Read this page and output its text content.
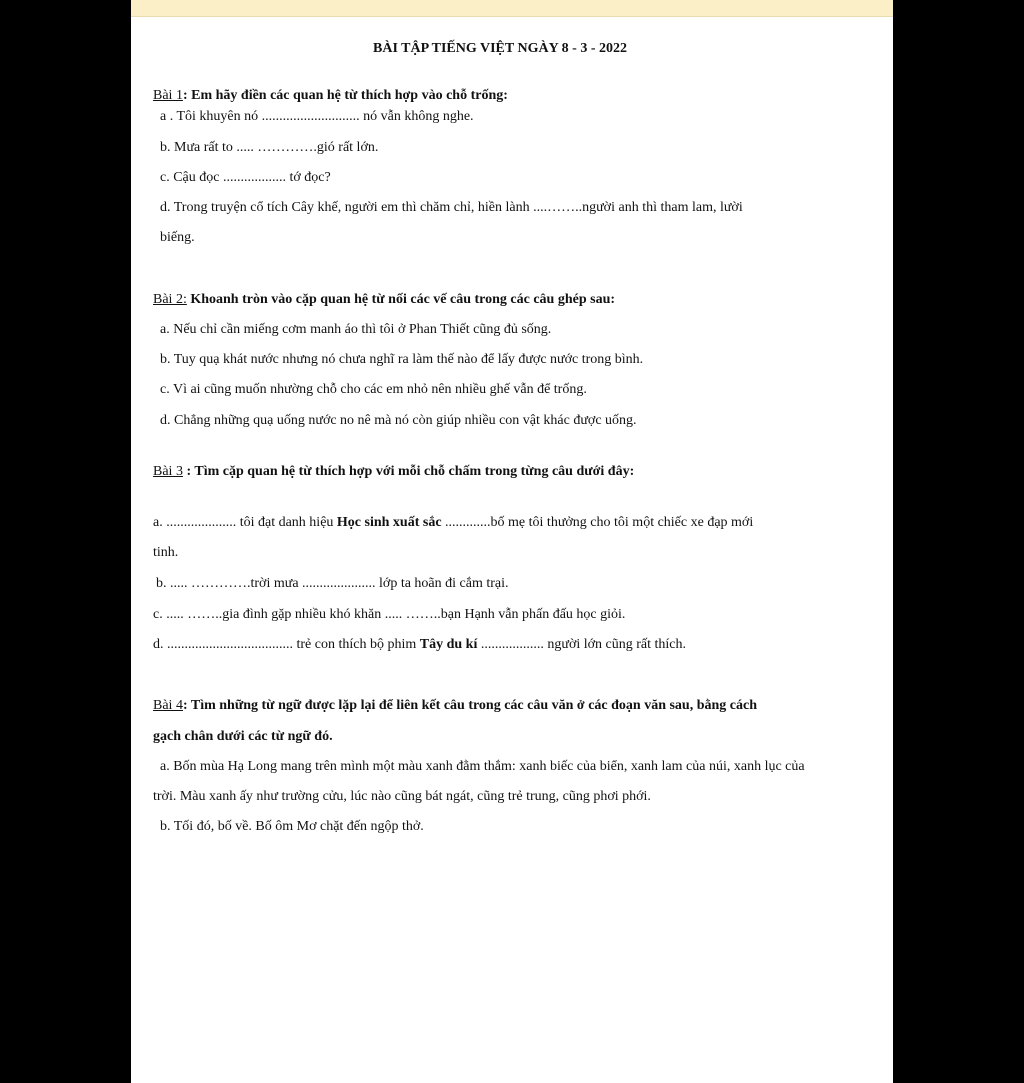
BÀI TẬP TIẾNG VIỆT NGÀY 8 - 3 - 2022
Bài 1: Em hãy điền các quan hệ từ thích hợp vào chỗ trống:
a . Tôi khuyên nó ............................ nó vẫn không nghe.
b. Mưa rất to ..... ………….gió rất lớn.
c. Cậu đọc .................. tớ đọc?
d. Trong truyện cổ tích Cây khế, người em thì chăm chỉ, hiền lành ....……..người anh thì tham lam, lười
biếng.
Bài 2: Khoanh tròn vào cặp quan hệ từ nối các vế câu trong các câu ghép sau:
a. Nếu chỉ cần miếng cơm manh áo thì tôi ở Phan Thiết cũng đủ sống.
b. Tuy quạ khát nước nhưng nó chưa nghĩ ra làm thế nào để lấy được nước trong bình.
c. Vì ai cũng muốn nhường chỗ cho các em nhỏ nên nhiều ghế vẫn để trống.
d. Chẳng những quạ uống nước no nê mà nó còn giúp nhiều con vật khác được uống.
Bài 3 : Tìm cặp quan hệ từ thích hợp với mỗi chỗ chấm trong từng câu dưới đây:
a. .................... tôi đạt danh hiệu Học sinh xuất sắc .............bố mẹ tôi thưởng cho tôi một chiếc xe đạp mới
tinh.
b. ..... ………….trời mưa ..................... lớp ta hoãn đi cắm trại.
c. ..... ……..gia đình gặp nhiều khó khăn ..... ……..bạn Hạnh vẫn phấn đấu học giỏi.
d. .................................... trẻ con thích bộ phim Tây du kí .................. người lớn cũng rất thích.
Bài 4: Tìm những từ ngữ được lặp lại để liên kết câu trong các câu văn ở các đoạn văn sau, bằng cách
gạch chân dưới các từ ngữ đó.
a. Bốn mùa Hạ Long mang trên mình một màu xanh đằm thắm: xanh biếc của biển, xanh lam của núi, xanh lục của
trời. Màu xanh ấy như trường cửu, lúc nào cũng bát ngát, cũng trẻ trung, cũng phơi phới.
b. Tối đó, bố về. Bố ôm Mơ chặt đến ngộp thở.
